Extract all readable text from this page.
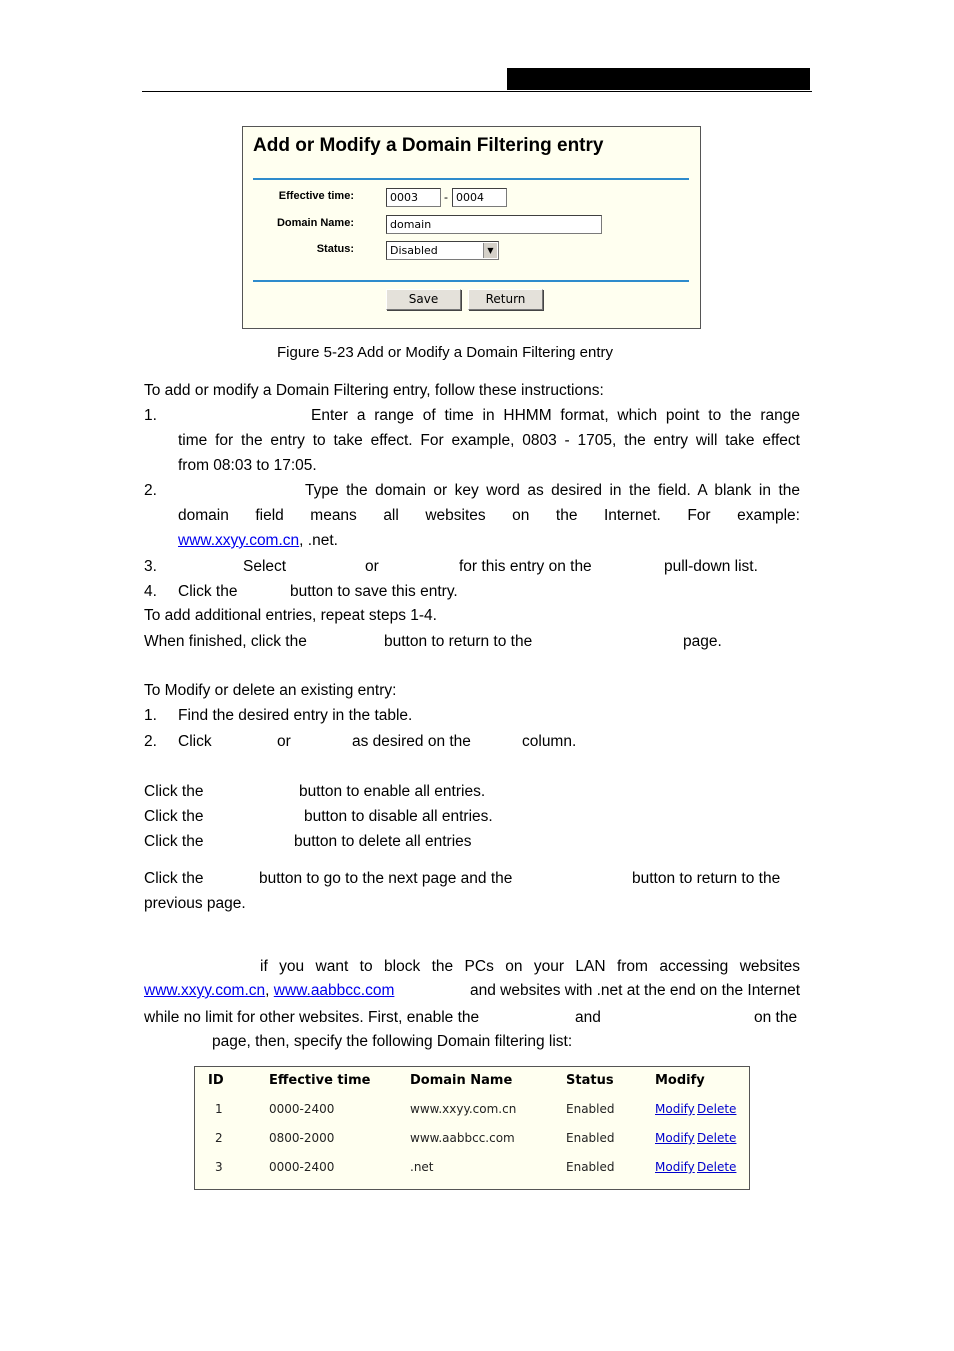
Add or Modify a Domain Filtering entry
Effective time:	0003	- 0004
Domain Name:	domain
Status:	Disabled	▼
Save	Return
Figure 5-23 Add or Modify a Domain Filtering entry
To add or modify a Domain Filtering entry, follow these instructions:
1.	Enter a range of time in HHMM format, which point to the range
time for the entry to take effect. For example, 0803 - 1705, the entry will take effect
from 08:03 to 17:05.
2.	Type the domain or key word as desired in the field. A blank in the
domain field means all websites on the Internet. For example:
www.xxyy.com.cn, .net.
3.	Select	or	for this entry on the	pull-down list.
4. Click the	button to save this entry.
To add additional entries, repeat steps 1-4.
When finished, click the	button to return to the	page.
To Modify or delete an existing entry:
1. Find the desired entry in the table.
2. Click	or	as desired on the	column.
Click the	button to enable all entries.
Click the	button to disable all entries.
Click the	button to delete all entries
Click the	button to go to the next page and the	button to return to the
previous page.
if you want to block the PCs on your LAN from accessing websites
www.xxyy.com.cn, www.aabbcc.com	and websites with .net at the end on the Internet
while no limit for other websites. First, enable the	and	on the
page, then, specify the following Domain filtering list:
ID	Effective time	Domain Name	Status	Modify
1	0000-2400	www.xxyy.com.cn	Enabled	Modify Delete
2	0800-2000	www.aabbcc.com	Enabled	Modify Delete
3	0000-2400	.net	Enabled	Modify Delete
